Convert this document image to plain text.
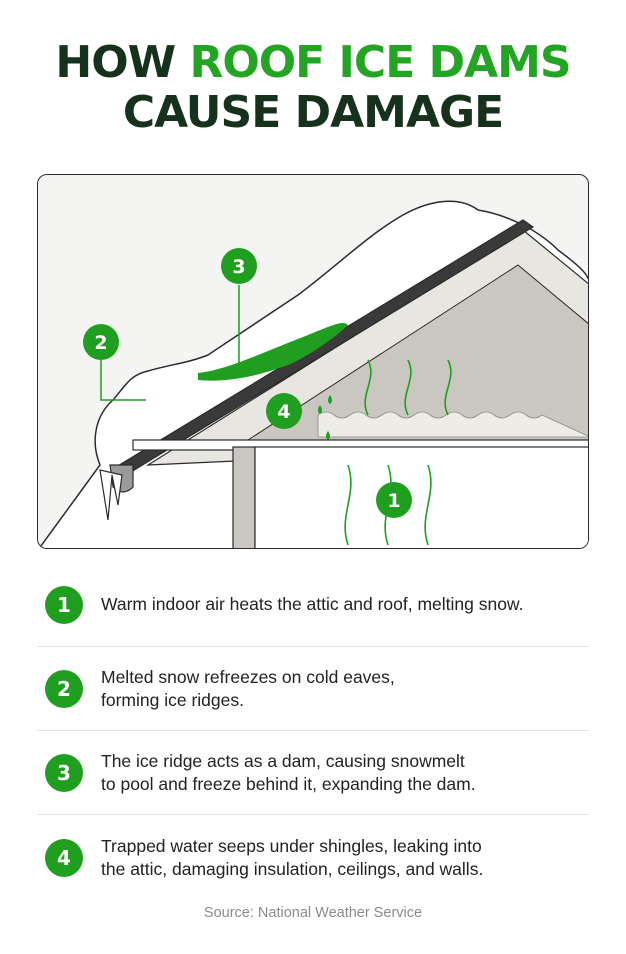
HOW ROOF ICE DAMS
CAUSE DAMAGE
2
3
4
1
1	Warm indoor air heats the attic and roof, melting snow.
2	Melted snow refreezes on cold eaves,
forming ice ridges.
3	The ice ridge acts as a dam, causing snowmelt
to pool and freeze behind it, expanding the dam.
4	Trapped water seeps under shingles, leaking into
the attic, damaging insulation, ceilings, and walls.
Source: National Weather Service
